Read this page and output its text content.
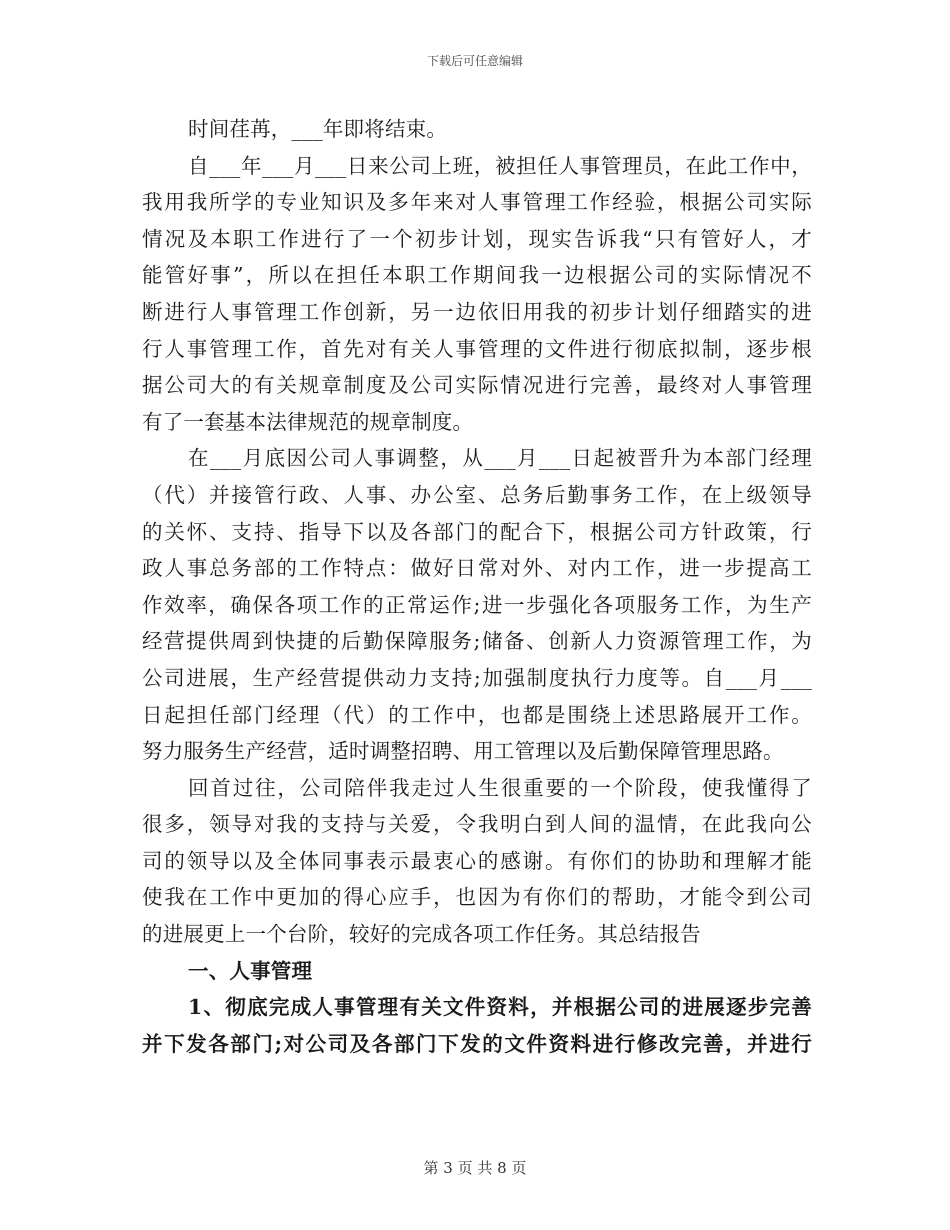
下载后可任意编辑
时间荏苒，___年即将结束。
自___年___月___日来公司上班，被担任人事管理员，在此工作中，
我用我所学的专业知识及多年来对人事管理工作经验，根据公司实际
情况及本职工作进行了一个初步计划，现实告诉我“只有管好人，才
能管好事”，所以在担任本职工作期间我一边根据公司的实际情况不
断进行人事管理工作创新，另一边依旧用我的初步计划仔细踏实的进
行人事管理工作，首先对有关人事管理的文件进行彻底拟制，逐步根
据公司大的有关规章制度及公司实际情况进行完善，最终对人事管理
有了一套基本法律规范的规章制度。
在___月底因公司人事调整，从___月___日起被晋升为本部门经理
（代）并接管行政、人事、办公室、总务后勤事务工作，在上级领导
的关怀、支持、指导下以及各部门的配合下，根据公司方针政策，行
政人事总务部的工作特点：做好日常对外、对内工作，进一步提高工
作效率，确保各项工作的正常运作;进一步强化各项服务工作，为生产
经营提供周到快捷的后勤保障服务;储备、创新人力资源管理工作，为
公司进展，生产经营提供动力支持;加强制度执行力度等。自___月___
日起担任部门经理（代）的工作中，也都是围绕上述思路展开工作。
努力服务生产经营，适时调整招聘、用工管理以及后勤保障管理思路。
回首过往，公司陪伴我走过人生很重要的一个阶段，使我懂得了
很多，领导对我的支持与关爱，令我明白到人间的温情，在此我向公
司的领导以及全体同事表示最衷心的感谢。有你们的协助和理解才能
使我在工作中更加的得心应手，也因为有你们的帮助，才能令到公司
的进展更上一个台阶，较好的完成各项工作任务。其总结报告
一、人事管理
1、彻底完成人事管理有关文件资料，并根据公司的进展逐步完善
并下发各部门;对公司及各部门下发的文件资料进行修改完善，并进行
第 3 页 共 8 页
